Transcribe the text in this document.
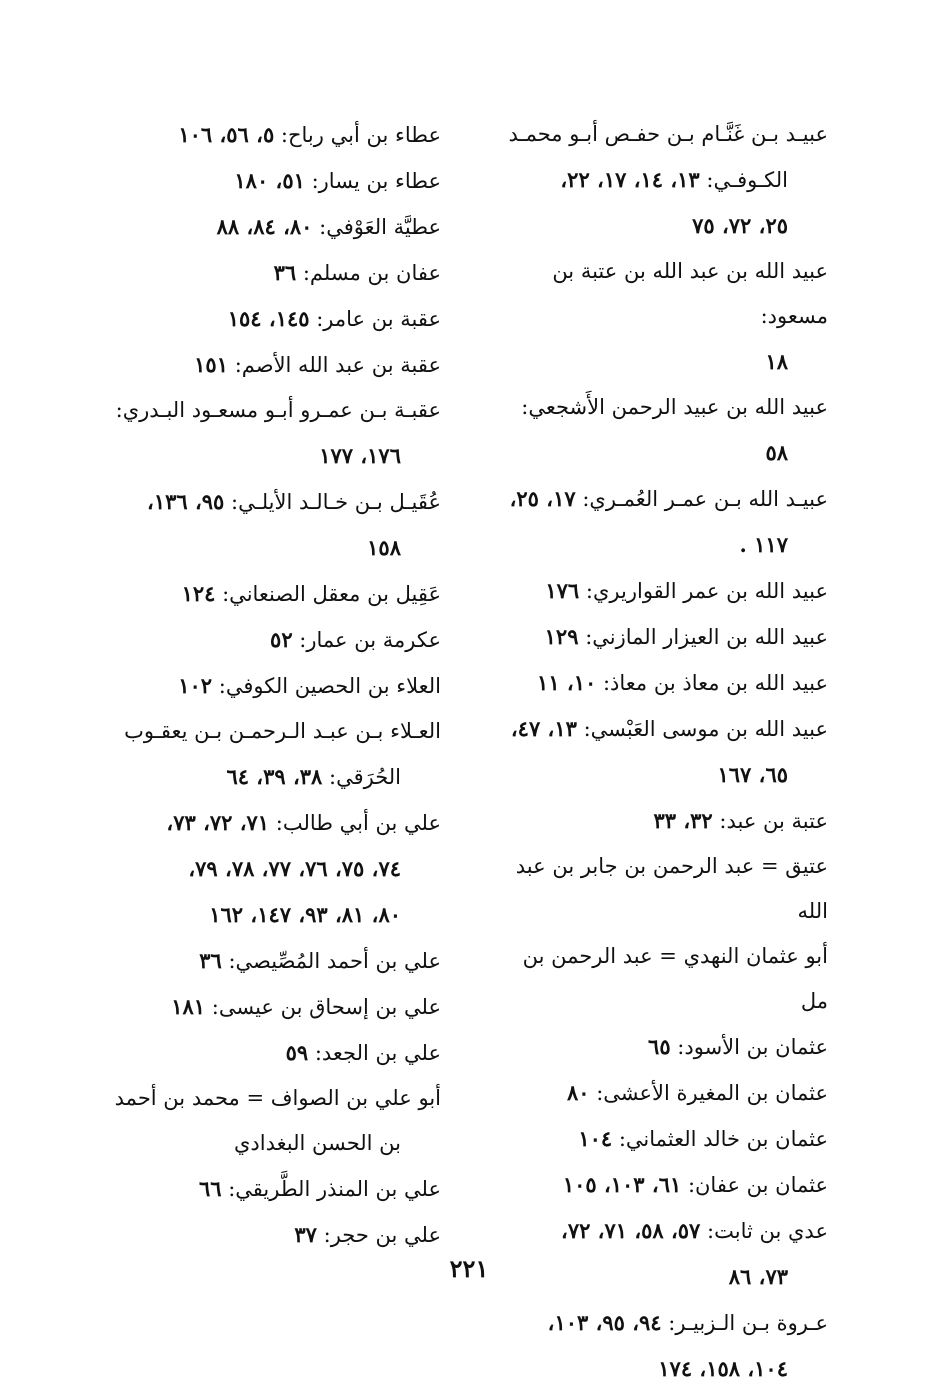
عبيـد بـن غَنَّـام بـن حفـص أبـو محمـد
الكـوفـي: ١٣، ١٤، ١٧، ٢٢،
٢٥، ٧٢، ٧٥
عبيد الله بن عبد الله بن عتبة بن مسعود:
١٨
عبيد الله بن عبيد الرحمن الأَشجعي:
٥٨
عبيـد الله بـن عمـر العُمـري: ١٧، ٢٥،
١١٧ .
عبيد الله بن عمر القواريري: ١٧٦
عبيد الله بن العيزار المازني: ١٢٩
عبيد الله بن معاذ بن معاذ: ١٠، ١١
عبيد الله بن موسى العَبْسي: ١٣، ٤٧،
٦٥، ١٦٧
عتبة بن عبد: ٣٢، ٣٣
عتيق = عبد الرحمن بن جابر بن عبد الله
أبو عثمان النهدي = عبد الرحمن بن مل
عثمان بن الأسود: ٦٥
عثمان بن المغيرة الأعشى: ٨٠
عثمان بن خالد العثماني: ١٠٤
عثمان بن عفان: ٦١، ١٠٣، ١٠٥
عدي بن ثابت: ٥٧، ٥٨، ٧١، ٧٢،
٧٣، ٨٦
عـروة بـن الـزبيـر: ٩٤، ٩٥، ١٠٣،
١٠٤، ١٥٨، ١٧٤
عطاء بن أبي رباح: ٥، ٥٦، ١٠٦
عطاء بن يسار: ٥١، ١٨٠
عطيَّة العَوْفي: ٨٠، ٨٤، ٨٨
عفان بن مسلم: ٣٦
عقبة بن عامر: ١٤٥، ١٥٤
عقبة بن عبد الله الأصم: ١٥١
عقبـة بـن عمـرو أبـو مسعـود البـدري:
١٧٦، ١٧٧
عُقَيـل بـن خـالـد الأيلـي: ٩٥، ١٣٦،
١٥٨
عَقِيل بن معقل الصنعاني: ١٢٤
عكرمة بن عمار: ٥٢
العلاء بن الحصين الكوفي: ١٠٢
العـلاء بـن عبـد الـرحمـن بـن يعقـوب
الحُرَقي: ٣٨، ٣٩، ٦٤
علي بن أبي طالب: ٧١، ٧٢، ٧٣،
٧٤، ٧٥، ٧٦، ٧٧، ٧٨، ٧٩،
٨٠، ٨١، ٩٣، ١٤٧، ١٦٢
علي بن أحمد المُصِّيصي: ٣٦
علي بن إسحاق بن عيسى: ١٨١
علي بن الجعد: ٥٩
أبو علي بن الصواف = محمد بن أحمد
بن الحسن البغدادي
علي بن المنذر الطَّريقي: ٦٦
علي بن حجر: ٣٧
٢٢١
